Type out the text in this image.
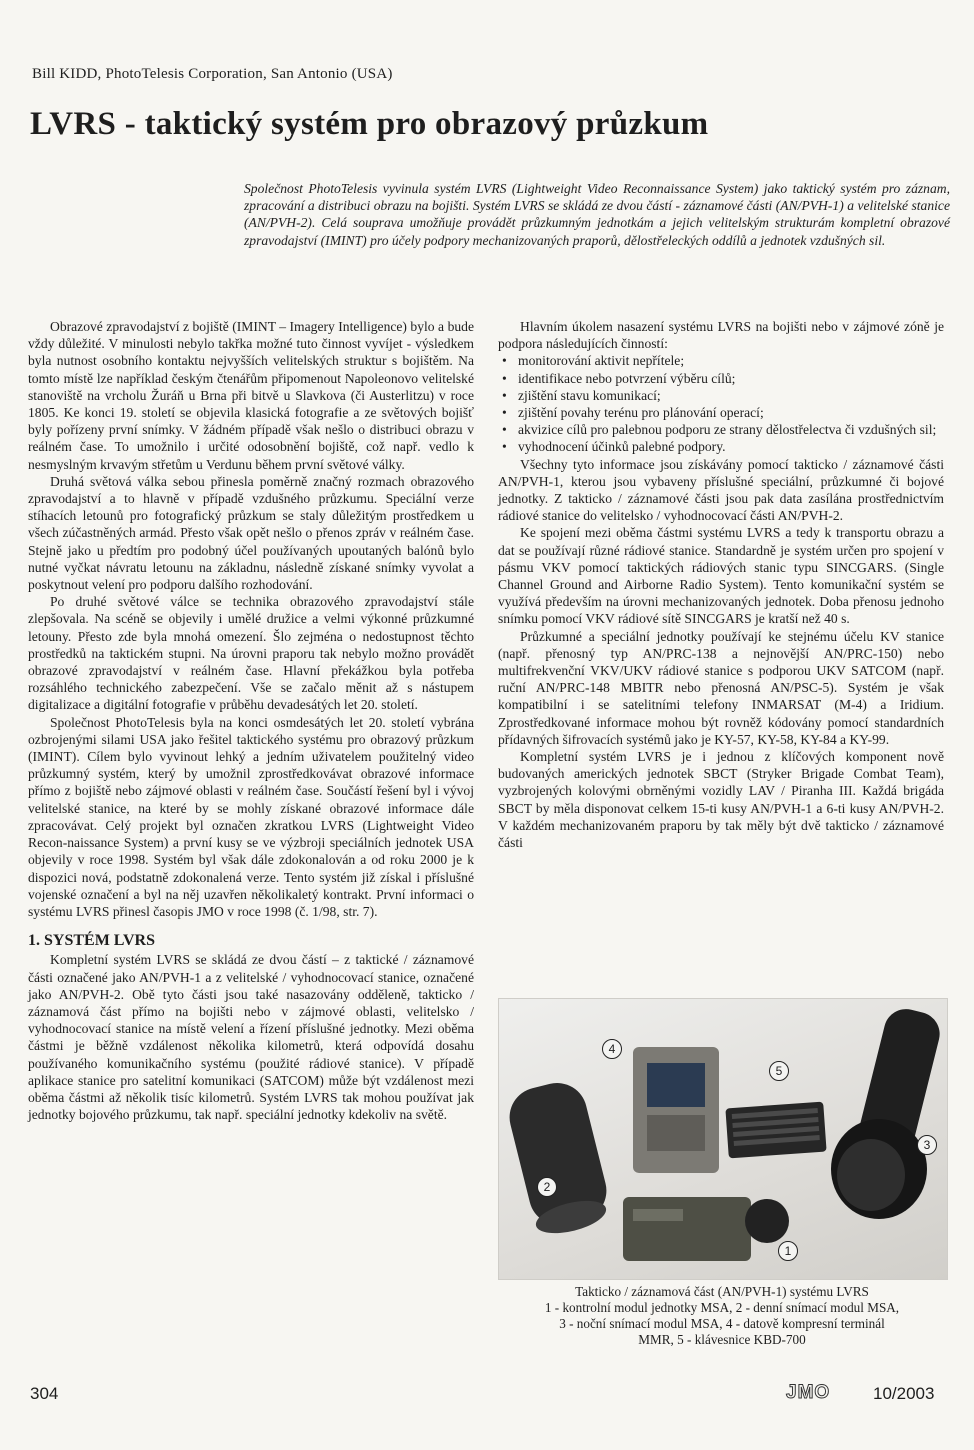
Bill KIDD, PhotoTelesis Corporation, San Antonio (USA)
LVRS - taktický systém pro obrazový průzkum

Společnost PhotoTelesis vyvinula systém LVRS (Lightweight Video Reconnaissance System) jako taktický systém pro záznam, zpracování a distribuci obrazu na bojišti. Systém LVRS se skládá ze dvou částí - záznamové části (AN/PVH-1) a velitelské stanice (AN/PVH-2). Celá souprava umožňuje provádět průzkumným jednotkám a jejich velitelským strukturám kompletní obrazové zpravodajství (IMINT) pro účely podpory mechanizovaných praporů, dělostřeleckých oddílů a jednotek vzdušných sil.

Obrazové zpravodajství z bojiště (IMINT – Imagery Intelligence) bylo a bude vždy důležité. V minulosti nebylo takřka možné tuto činnost vyvíjet - výsledkem byla nutnost osobního kontaktu nejvyšších velitelských struktur s bojištěm. Na tomto místě lze například českým čtenářům připomenout Napoleonovo velitelské stanoviště na vrcholu Žuráň u Brna při bitvě u Slavkova (či Austerlitzu) v roce 1805. Ke konci 19. století se objevila klasická fotografie a ze světových bojišť byly pořízeny první snímky. V žádném případě však nešlo o distribuci obrazu v reálném čase. To umožnilo i určité odosobnění bojiště, což např. vedlo k nesmyslným krvavým střetům u Verdunu během první světové války.

Druhá světová válka sebou přinesla poměrně značný rozmach obrazového zpravodajství a to hlavně v případě vzdušného průzkumu. Speciální verze stíhacích letounů pro fotografický průzkum se staly důležitým prostředkem u všech zúčastněných armád. Přesto však opět nešlo o přenos zpráv v reálném čase. Stejně jako u předtím pro podobný účel používaných upoutaných balónů bylo nutné vyčkat návratu letounu na základnu, následně získané snímky vyvolat a poskytnout velení pro podporu dalšího rozhodování.

Po druhé světové válce se technika obrazového zpravodajství stále zlepšovala. Na scéně se objevily i umělé družice a velmi výkonné průzkumné letouny. Přesto zde byla mnohá omezení. Šlo zejména o nedostupnost těchto prostředků na taktickém stupni. Na úrovni praporu tak nebylo možno provádět obrazové zpravodajství v reálném čase. Hlavní překážkou byla potřeba rozsáhlého technického zabezpečení. Vše se začalo měnit až s nástupem digitalizace a digitální fotografie v průběhu devadesátých let 20. století.

Společnost PhotoTelesis byla na konci osmdesátých let 20. století vybrána ozbrojenými silami USA jako řešitel taktického systému pro obrazový průzkum (IMINT). Cílem bylo vyvinout lehký a jedním uživatelem použitelný video průzkumný systém, který by umožnil zprostředkovávat obrazové informace přímo z bojiště nebo zájmové oblasti v reálném čase. Součástí řešení byl i vývoj velitelské stanice, na které by se mohly získané obrazové informace dále zpracovávat. Celý projekt byl označen zkratkou LVRS (Lightweight Video Recon-naissance System) a první kusy se ve výzbroji speciálních jednotek USA objevily v roce 1998. Systém byl však dále zdokonalován a od roku 2000 je k dispozici nová, podstatně zdokonalená verze. Tento systém již získal i příslušné vojenské označení a byl na něj uzavřen několikaletý kontrakt. První informaci o systému LVRS přinesl časopis JMO v roce 1998 (č. 1/98, str. 7).

1. SYSTÉM LVRS

Kompletní systém LVRS se skládá ze dvou částí – z taktické / záznamové části označené jako AN/PVH-1 a z velitelské / vyhodnocovací stanice, označené jako AN/PVH-2. Obě tyto části jsou také nasazovány odděleně, takticko / záznamová část přímo na bojišti nebo v zájmové oblasti, velitelsko / vyhodnocovací stanice na místě velení a řízení příslušné jednotky. Mezi oběma částmi je běžně vzdálenost několika kilometrů, která odpovídá dosahu používaného komunikačního systému (použité rádiové stanice). V případě aplikace stanice pro satelitní komunikaci (SATCOM) může být vzdálenost mezi oběma částmi až několik tisíc kilometrů. Systém LVRS tak mohou používat jak jednotky bojového průzkumu, tak např. speciální jednotky kdekoliv na světě.

Hlavním úkolem nasazení systému LVRS na bojišti nebo v zájmové zóně je podpora následujících činností:

• monitorování aktivit nepřítele;
• identifikace nebo potvrzení výběru cílů;
• zjištění stavu komunikací;
• zjištění povahy terénu pro plánování operací;
• akvizice cílů pro palebnou podporu ze strany dělostřelectva či vzdušných sil;
• vyhodnocení účinků palebné podpory.

Všechny tyto informace jsou získávány pomocí takticko / záznamové části AN/PVH-1, kterou jsou vybaveny příslušné speciální, průzkumné či bojové jednotky. Z takticko / záznamové části jsou pak data zasílána prostřednictvím rádiové stanice do velitelsko / vyhodnocovací části AN/PVH-2.

Ke spojení mezi oběma částmi systému LVRS a tedy k transportu obrazu a dat se používají různé rádiové stanice. Standardně je systém určen pro spojení v pásmu VKV pomocí taktických rádiových stanic typu SINCGARS. (Single Channel Ground and Airborne Radio System). Tento komunikační systém se využívá především na úrovni mechanizovaných jednotek. Doba přenosu jednoho snímku pomocí VKV rádiové sítě SINCGARS je kratší než 40 s.

Průzkumné a speciální jednotky používají ke stejnému účelu KV stanice (např. přenosný typ AN/PRC-138 a nejnovější AN/PRC-150) nebo multifrekvenční VKV/UKV rádiové stanice s podporou UKV SATCOM (např. ruční AN/PRC-148 MBITR nebo přenosná AN/PSC-5). Systém je však kompatibilní i se satelitními telefony INMARSAT (M-4) a Iridium. Zprostředkované informace mohou být rovněž kódovány pomocí standardních přídavných šifrovacích systémů jako je KY-57, KY-58, KY-84 a KY-99.

Kompletní systém LVRS je i jednou z klíčových komponent nově budovaných amerických jednotek SBCT (Stryker Brigade Combat Team), vyzbrojených kolovými obrněnými vozidly LAV / Piranha III. Každá brigáda SBCT by měla disponovat celkem 15-ti kusy AN/PVH-1 a 6-ti kusy AN/PVH-2. V každém mechanizovaném praporu by tak měly být dvě takticko / záznamové části

1
2
3
4
5
Takticko / záznamová část (AN/PVH-1) systému LVRS
1 - kontrolní modul jednotky MSA, 2 - denní snímací modul MSA,
3 - noční snímací modul MSA, 4 - datově kompresní terminál
MMR, 5 - klávesnice KBD-700
304	JMO	10/2003
